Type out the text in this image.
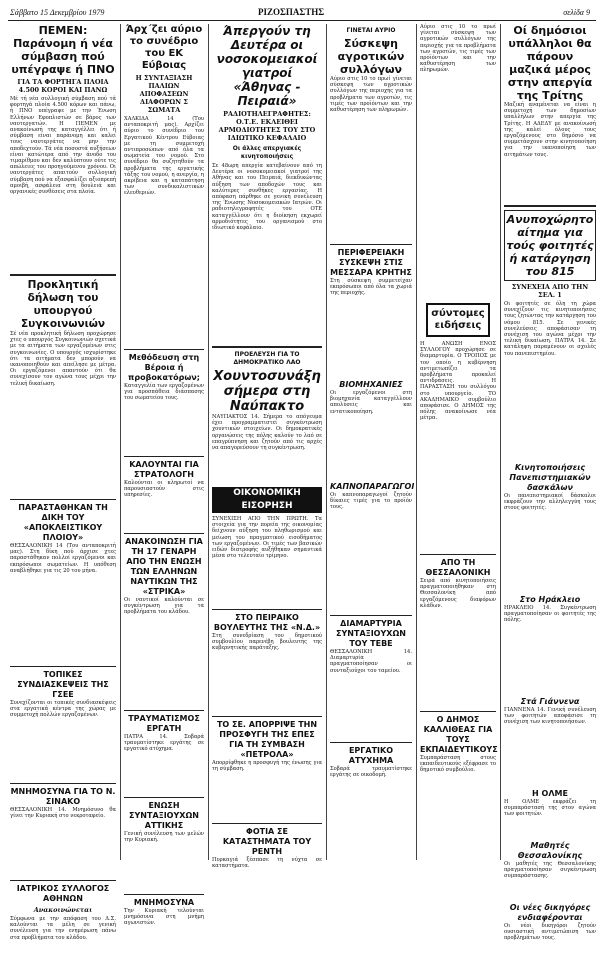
Σάββατο 15 Δεκεμβρίου 1979	ΡΙΖΟΣΠΑΣΤΗΣ	σελίδα 9
ΠΕΜΕΝ: Παράνομη ή νέα σύμβαση πού υπέγραψε ή ΠΝΟ
ΓΙΑ ΤΑ ΦΟΡΤΗΓΑ ΠΛΟΙΑ 4.500 ΚΟΡΟΙ ΚΑΙ ΠΑΝΩ

Μέ τή νέα συλλογική σύμβαση πού τά φορτηγά πλοία 4.500 κόρων και πάνω, ή ΠΝΟ υπέγραψε με την Ένωση Ελλήνων Εφοπλιστών σε βάρος των ναυτεργατών. Η ΠΕΜΕΝ με ανακοίνωσή της καταγγέλλει ότι ή σύμβαση είναι παράνομη και καλεί τους ναυτεργάτες να μην την αποδεχτούν. Τά νέα ποσοστά αυξήσεων είναι κατώτερα από την άνοδο του τιμαρίθμου και δεν καλύπτουν ούτε τις απώλειες του προηγούμενου χρόνου. Οι ναυτεργάτες απαιτούν συλλογική σύμβαση πού να εξασφαλίζει αξιοπρεπή αμοιβή, ασφάλεια στη δουλειά και οργανικές συνθέσεις στα πλοία.

Προκλητική δήλωση του υπουργού Συγκοινωνιών

Σέ νέα προκλητική δήλωση προχώρησε χτες ο υπουργός Συγκοινωνιών σχετικά με τα αιτήματα των εργαζομένων στις συγκοινωνίες. Ο υπουργός ισχυρίστηκε ότι τα αιτήματα δεν μπορούν να ικανοποιηθούν και απείλησε με μέτρα. Οι εργαζόμενοι απαντούν ότι θα συνεχίσουν τον αγώνα τους μέχρι την τελική δικαίωση.

ΠΑΡΑΣΤΑΘΗΚΑΝ ΤΗ ΔΙΚΗ ΤΟΥ «ΑΠΟΚΛΕΙΣΤΙΚΟΥ ΠΛΟΙΟΥ»

ΘΕΣΣΑΛΟΝΙΚΗ 14 (Του ανταποκριτή μας). Στη δίκη πού άρχισε χτες παραστάθηκαν πολλοί εργαζόμενοι και εκπρόσωποι σωματείων. Η υπόθεση αναβλήθηκε για τις 20 του μήνα.

ΤΟΠΙΚΕΣ ΣΥΝΔΙΑΣΚΕΨΕΙΣ ΤΗΣ ΓΣΕΕ

Συνεχίζονται οι τοπικές συνδιασκέψεις στα εργατικά κέντρα της χώρας με συμμετοχή πολλών εργαζομένων.

ΜΝΗΜΟΣΥΝΑ ΓΙΑ ΤΟ Ν. ΣΙΝΑΚΟ

ΘΕΣΣΑΛΟΝΙΚΗ 14. Μνημόσυνο θα γίνει την Κυριακή στο νεκροταφείο.

ΙΑΤΡΙΚΟΣ ΣΥΛΛΟΓΟΣ ΑΘΗΝΩΝ
Ανακοινώνεται

Σύμφωνα με την απόφαση του Δ.Σ. καλούνται τα μέλη σε γενική συνέλευση για την ενημέρωση πάνω στα προβλήματα του κλάδου.

Άρχ΄ζει αύριο το συνέδριο του ΕΚ Εύβοιας
Η ΣΥΝΤΑΞΙΑΣΗ ΠΑΛΙΩΝ ΑΠΟΦΑΣΕΩΝ ΔΙΑΦΟΡΩΝ Σ ΣΩΜΑΤΑ

ΧΑΛΚΙΔΑ 14 (Του ανταποκριτή μας). Αρχίζει αύριο το συνέδριο του Εργατικού Κέντρου Εύβοιας με τη συμμετοχή αντιπροσώπων από όλα τα σωματεία του νομού. Στο συνέδριο θα συζητηθούν τα προβλήματα της εργατικής τάξης του νομού, η ανεργία, η ακρίβεια και η καταπάτηση των συνδικαλιστικών ελευθεριών.

Μεθόδευση στη Βέροια ή προβοκατόρων;

Καταγγελία των εργαζομένων για προσπάθεια διάσπασης του σωματείου τους.

ΚΑΛΟΥΝΤΑΙ ΓΙΑ ΣΤΡΑΤΟΛΟΓΗ

Καλούνται οι κληρωτοί να παρουσιαστούν στις υπηρεσίες.

ΑΝΑΚΟΙΝΩΣΗ ΓΙΑ ΤΗ 17 ΓΕΝΑΡΗ ΑΠΟ ΤΗΝ ΕΝΩΣΗ ΤΩΝ ΕΛΛΗΝΩΝ ΝΑΥΤΙΚΩΝ ΤΗΣ «ΣΤΡΙΚΑ»

Οι ναυτικοί καλούνται σε συγκέντρωση για τα προβλήματα του κλάδου.

ΤΡΑΥΜΑΤΙΣΜΟΣ ΕΡΓΑΤΗ

ΠΑΤΡΑ 14. Σοβαρά τραυματίστηκε εργάτης σε εργατικό ατύχημα.

ΕΝΩΣΗ ΣΥΝΤΑΞΙΟΥΧΩΝ ΑΤΤΙΚΗΣ

Γενική συνέλευση των μελών την Κυριακή.

ΜΝΗΜΟΣΥΝΑ

Την Κυριακή τελούνται μνημόσυνα στη μνήμη αγωνιστών.

Άπεργούν τη Δευτέρα οι νοσοκομειακοί γιατροί «Άθηνας - Πειραιά»
ΡΑΔΙΟΤΗΛΕΓΡΑΦΗΤΕΣ: Ο.Τ.Ε. ΕΚΛΕΙΘΕΙ ΑΡΜΟΔΙΟΤΗΤΕΣ ΤΟΥ ΣΤΟ ΙΔΙΩΤΙΚΟ ΚΕΦΑΛΑΙΟ
Οι άλλες απεργιακές κινητοποιήσεις

Σε 48ωρη απεργία κατεβαίνουν από τη Δευτέρα οι νοσοκομειακοί γιατροί της Αθήνας και του Πειραιά, διεκδικώντας αύξηση των αποδοχών τους και καλύτερες συνθήκες εργασίας. Η απόφαση πάρθηκε σε γενική συνέλευση της Ένωσης Νοσοκομειακών Ιατρών. Οι ραδιοτηλεγραφητές του ΟΤΕ καταγγέλλουν ότι η διοίκηση εκχωρεί αρμοδιότητες του οργανισμού στο ιδιωτικό κεφάλαιο.

ΠΡΟΕΛΕΥΣΗ ΓΙΑ ΤΟ ΔΗΜΟΚΡΑΤΙΚΟ ΛΑΟ
Χουντοσυνάξη σήμερα στη Ναύπακτο

ΝΑΥΠΑΚΤΟΣ 14. Σήμερα το απόγευμα έχει προγραμματιστεί συγκέντρωση χουντικών στοιχείων. Οι δημοκρατικές οργανώσεις της πόλης καλούν το λαό σε επαγρύπνηση και ζητούν από τις αρχές να απαγορεύσουν τη συγκέντρωση.

ΟΙΚΟΝΟΜΙΚΗ ΕΙΣΟΡΗΣΗ

ΣΥΝΕΧΙΣΗ ΑΠΟ ΤΗΝ ΠΡΩΤΗ. Τα στοιχεία για την πορεία της οικονομίας δείχνουν αύξηση του πληθωρισμού και μείωση του πραγματικού εισοδήματος των εργαζομένων. Οι τιμές των βασικών ειδών διατροφής αυξήθηκαν σημαντικά μέσα στο τελευταίο τρίμηνο.

ΣΤΟ ΠΕΙΡΑΙΚΟ ΒΟΥΛΕΥΤΗΣ ΤΗΣ «Ν.Δ.»

Στη συνεδρίαση του δημοτικού συμβουλίου παρενέβη βουλευτής της κυβερνητικής παράταξης.

ΤΟ ΣΕ. ΑΠΟΡΡΙΨΕ ΤΗΝ ΠΡΟΣΦΥΓΗ ΤΗΣ ΕΠΕΣ ΓΙΑ ΤΗ ΣΥΜΒΑΣΗ «ΠΕΤΡΟΛΑ»

Απορρίφθηκε η προσφυγή της ένωσης για τη σύμβαση.

ΦΟΤΙΑ ΣΕ ΚΑΤΑΣΤΗΜΑΤΑ ΤΟΥ ΡΕΝΤΗ

Πυρκαγιά ξέσπασε τη νύχτα σε καταστήματα.

ΓΙΝΕΤΑΙ ΑΥΡΙΟ
Σύσκεψη αγροτικών συλλόγων

Αύριο στις 10 το πρωί γίνεται σύσκεψη των αγροτικών συλλόγων της περιοχής για τα προβλήματα των αγροτών, τις τιμές των προϊόντων και την καθυστέρηση των πληρωμών.

ΠΕΡΙΦΕΡΕΙΑΚΗ ΣΥΣΚΕΨΗ ΣΤΙΣ ΜΕΣΣΑΡΑ ΚΡΗΤΗΣ

Στη σύσκεψη συμμετείχαν εκπρόσωποι από όλα τα χωριά της περιοχής.

ΒΙΟΜΗΧΑΝΙΕΣ

Οι εργαζόμενοι στη βιομηχανία καταγγέλλουν απολύσεις και εντατικοποίηση.

ΚΑΠΝΟΠΑΡΑΓΩΓΟΙ

Οι καπνοπαραγωγοί ζητούν δίκαιες τιμές για το προϊόν τους.

ΔΙΑΜΑΡΤΥΡΙΑ ΣΥΝΤΑΞΙΟΥΧΩΝ ΤΟΥ ΤΕΒΕ

ΘΕΣΣΑΛΟΝΙΚΗ 14. Διαμαρτυρία πραγματοποίησαν οι συνταξιούχοι του ταμείου.

ΕΡΓΑΤΙΚΟ ΑΤΥΧΗΜΑ

Σοβαρά τραυματίστηκε εργάτης σε οικοδομή.

Αύριο στις 10 το πρωί γίνεται σύσκεψη των αγροτικών συλλόγων της περιοχής για τα προβλήματα των αγροτών, τις τιμές των προϊόντων και την καθυστέρηση των πληρωμών.

σύντομες ειδήσεις

Η ΑΝΩΣΗ ΕΝΟΣ ΣΥΛΛΟΓΟΥ προχώρησε σε διαμαρτυρία. Ο ΤΡΟΠΟΣ με τον οποίο η κυβέρνηση αντιμετωπίζει τα προβλήματα προκαλεί αντιδράσεις. Η ΠΑΡΑΣΤΑΣΗ του συλλόγου στο υπουργείο. ΤΟ ΑΚΑΔΗΜΑΙΚΟ συμβούλιο αποφάσισε. Ο ΔΗΜΟΣ της πόλης ανακοίνωσε νέα μέτρα.

ΑΠΟ ΤΗ ΘΕΣΣΑΛΟΝΙΚΗ

Σειρά από κινητοποιήσεις πραγματοποιήθηκαν στη Θεσσαλονίκη από εργαζόμενους διαφόρων κλάδων.

Ο ΔΗΜΟΣ ΚΑΛΛΙΘΕΑΣ ΓΙΑ ΤΟΥΣ ΕΚΠΑΙΔΕΥΤΙΚΟΥΣ

Συμπαράσταση στους εκπαιδευτικούς εξέφρασε το δημοτικό συμβούλιο.

Οί δημόσιοι υπάλληλοι θα πάρουν μαζικά μέρος στην απεργία της Τρίτης

Μαζική αναμένεται να είναι η συμμετοχή των δημοσίων υπαλλήλων στην απεργία της Τρίτης. Η ΑΔΕΔΥ με ανακοίνωσή της καλεί όλους τους εργαζόμενους στο δημόσιο να συμμετάσχουν στην κινητοποίηση για την ικανοποίηση των αιτημάτων τους.

Ανυποχώρητο αίτημα για τούς φοιτητές ή κατάργηση του 815
ΣΥΝΕΧΕΙΑ ΑΠΟ ΤΗΝ ΣΕΛ. 1

Οι φοιτητές σε όλη τη χώρα συνεχίζουν τις κινητοποιήσεις τους ζητώντας την κατάργηση του νόμου 815. Σε γενικές συνελεύσεις αποφάσισαν τη συνέχιση του αγώνα μέχρι την τελική δικαίωση. ΠΑΤΡΑ 14. Σε κατάληψη παραμένουν οι σχολές του πανεπιστημίου.

Κινητοποιήσεις Πανεπιστημιακών δασκάλων

Οι πανεπιστημιακοί δάσκαλοι εκφράζουν την αλληλεγγύη τους στους φοιτητές.

Στο Ηράκλειο

ΗΡΑΚΛΕΙΟ 14. Συγκέντρωση πραγματοποίησαν οι φοιτητές της πόλης.

Στά Γιάννενα

ΓΙΑΝΝΕΝΑ 14. Γενική συνέλευση των φοιτητών αποφάσισε τη συνέχιση των κινητοποιήσεων.

Η ΟΛΜΕ

Η ΟΛΜΕ εκφράζει τη συμπαράστασή της στον αγώνα των φοιτητών.

Μαθητές Θεσσαλονίκης

Οι μαθητές της Θεσσαλονίκης πραγματοποίησαν συγκέντρωση συμπαράστασης.

Οι νέες δικηγόρες ενδιαφέρονται

Οι νέοι δικηγόροι ζητούν ουσιαστική αντιμετώπιση των προβλημάτων τους.
